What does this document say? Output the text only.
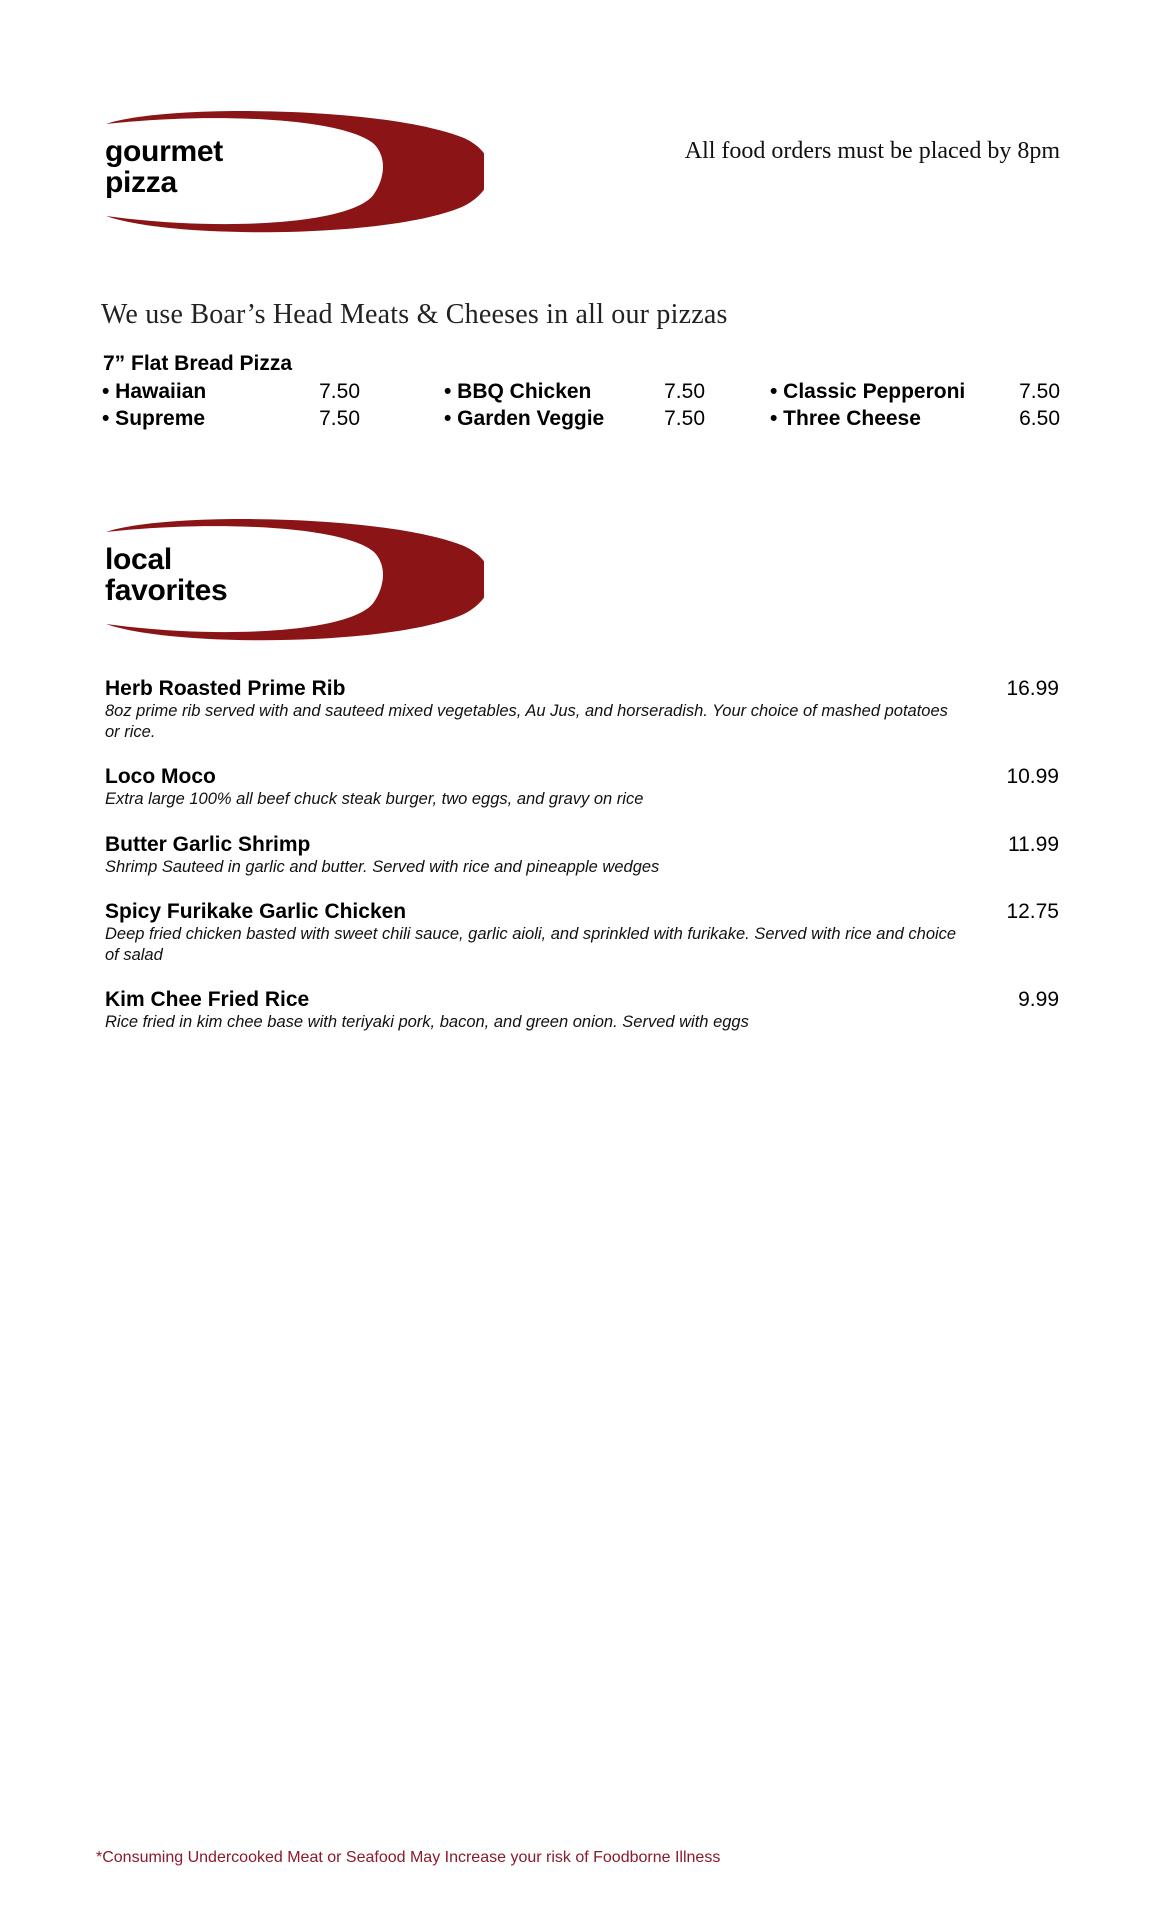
gourmet
pizza
All food orders must be placed by 8pm
We use Boar’s Head Meats & Cheeses in all our pizzas
7” Flat Bread Pizza
• Hawaiian	7.50	• BBQ Chicken	7.50	• Classic Pepperoni	7.50
• Supreme	7.50	• Garden Veggie	7.50	• Three Cheese	6.50
local
favorites
Herb Roasted Prime Rib	16.99
8oz prime rib served with and sauteed mixed vegetables, Au Jus, and horseradish. Your choice of mashed potatoes or rice.
Loco Moco	10.99
Extra large 100% all beef chuck steak burger, two eggs, and gravy on rice
Butter Garlic Shrimp	11.99
Shrimp Sauteed in garlic and butter. Served with rice and pineapple wedges
Spicy Furikake Garlic Chicken	12.75
Deep fried chicken basted with sweet chili sauce, garlic aioli, and sprinkled with furikake. Served with rice and choice of salad
Kim Chee Fried Rice	9.99
Rice fried in kim chee base with teriyaki pork, bacon, and green onion. Served with eggs
*Consuming Undercooked Meat or Seafood May Increase your risk of Foodborne Illness
